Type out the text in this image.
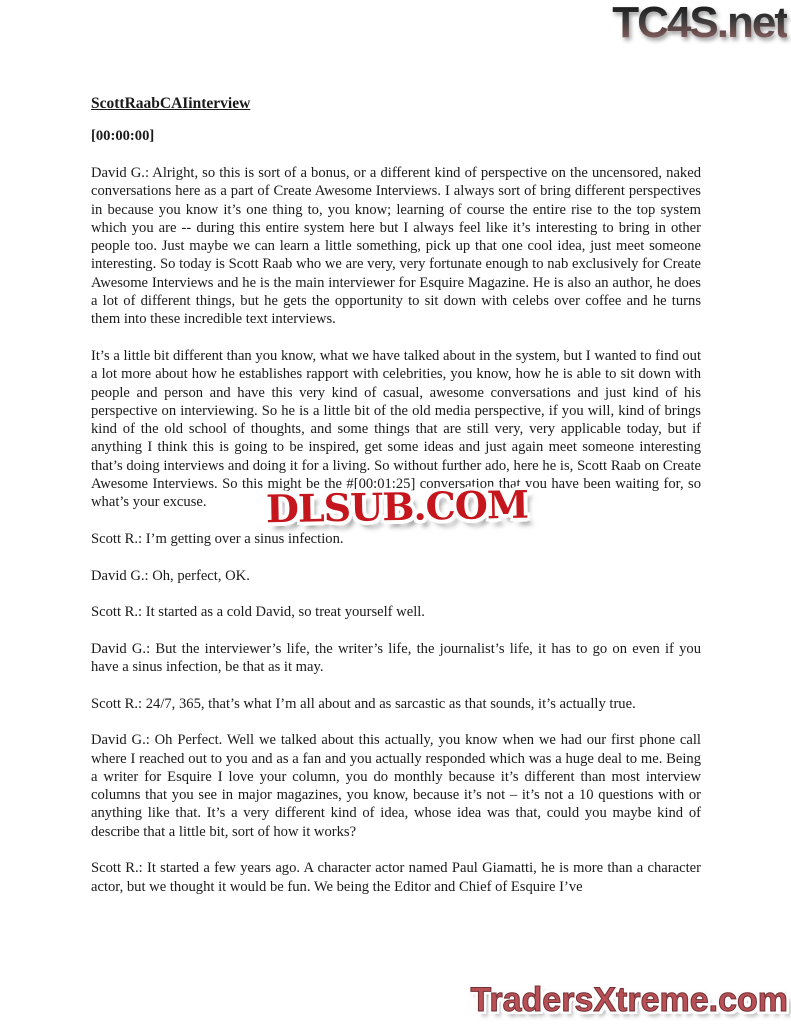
TC4S.net
ScottRaabCAIinterview
[00:00:00]

David G.: Alright, so this is sort of a bonus, or a different kind of perspective on the uncensored, naked conversations here as a part of Create Awesome Interviews. I always sort of bring different perspectives in because you know it’s one thing to, you know; learning of course the entire rise to the top system which you are -- during this entire system here but I always feel like it’s interesting to bring in other people too. Just maybe we can learn a little something, pick up that one cool idea, just meet someone interesting. So today is Scott Raab who we are very, very fortunate enough to nab exclusively for Create Awesome Interviews and he is the main interviewer for Esquire Magazine. He is also an author, he does a lot of different things, but he gets the opportunity to sit down with celebs over coffee and he turns them into these incredible text interviews.

It’s a little bit different than you know, what we have talked about in the system, but I wanted to find out a lot more about how he establishes rapport with celebrities, you know, how he is able to sit down with people and person and have this very kind of casual, awesome conversations and just kind of his perspective on interviewing. So he is a little bit of the old media perspective, if you will, kind of brings kind of the old school of thoughts, and some things that are still very, very applicable today, but if anything I think this is going to be inspired, get some ideas and just again meet someone interesting that’s doing interviews and doing it for a living. So without further ado, here he is, Scott Raab on Create Awesome Interviews. So this might be the #[00:01:25] conversation that you have been waiting for, so what’s your excuse.

Scott R.: I’m getting over a sinus infection.

David G.: Oh, perfect, OK.

Scott R.: It started as a cold David, so treat yourself well.

David G.: But the interviewer’s life, the writer’s life, the journalist’s life, it has to go on even if you have a sinus infection, be that as it may.

Scott R.: 24/7, 365, that’s what I’m all about and as sarcastic as that sounds, it’s actually true.

David G.: Oh Perfect. Well we talked about this actually, you know when we had our first phone call where I reached out to you and as a fan and you actually responded which was a huge deal to me. Being a writer for Esquire I love your column, you do monthly because it’s different than most interview columns that you see in major magazines, you know, because it’s not – it’s not a 10 questions with or anything like that. It’s a very different kind of idea, whose idea was that, could you maybe kind of describe that a little bit, sort of how it works?

Scott R.: It started a few years ago. A character actor named Paul Giamatti, he is more than a character actor, but we thought it would be fun. We being the Editor and Chief of Esquire I’ve

DLSUB.COM
TradersXtreme.com
